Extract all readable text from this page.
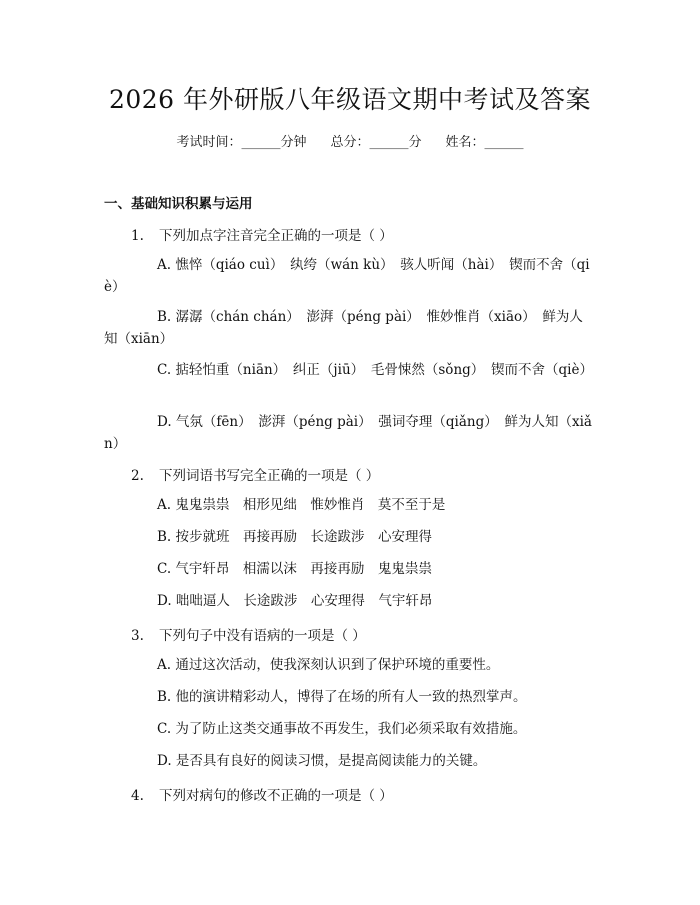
2026 年外研版八年级语文期中考试及答案
考试时间：______分钟 总分：______分 姓名：______
一、基础知识积累与运用
1. 下列加点字注音完全正确的一项是（ ）
A. 憔悴（qiáo cuì）　纨绔（wán kù）　骇人听闻（hài）　锲而不舍（qiè）
B. 潺潺（chán chán）　澎湃（péng pài）　惟妙惟肖（xiāo）　鲜为人知（xiān）
C. 掂轻怕重（niān）　纠正（jiū）　毛骨悚然（sǒng）　锲而不舍（qiè）
D. 气氛（fēn）　澎湃（péng pài）　强词夺理（qiǎng）　鲜为人知（xiǎn）
2. 下列词语书写完全正确的一项是（ ）
A. 鬼鬼祟祟　相形见绌　惟妙惟肖　莫不至于是
B. 按步就班　再接再励　长途跋涉　心安理得
C. 气宇轩昂　相濡以沫　再接再励　鬼鬼祟祟
D. 咄咄逼人　长途跋涉　心安理得　气宇轩昂
3. 下列句子中没有语病的一项是（ ）
A. 通过这次活动，使我深刻认识到了保护环境的重要性。
B. 他的演讲精彩动人，博得了在场的所有人一致的热烈掌声。
C. 为了防止这类交通事故不再发生，我们必须采取有效措施。
D. 是否具有良好的阅读习惯，是提高阅读能力的关键。
4. 下列对病句的修改不正确的一项是（ ）
